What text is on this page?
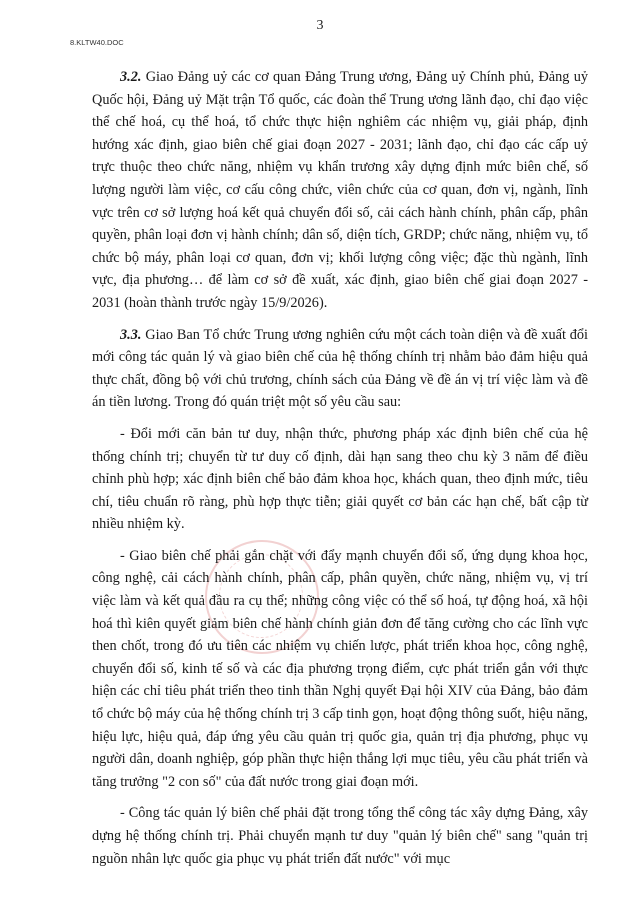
3
8.KLTW40.DOC

3.2. Giao Đảng uỷ các cơ quan Đảng Trung ương, Đảng uỷ Chính phủ, Đảng uỷ Quốc hội, Đảng uỷ Mặt trận Tổ quốc, các đoàn thể Trung ương lãnh đạo, chỉ đạo việc thể chế hoá, cụ thể hoá, tổ chức thực hiện nghiêm các nhiệm vụ, giải pháp, định hướng xác định, giao biên chế giai đoạn 2027 - 2031; lãnh đạo, chỉ đạo các cấp uỷ trực thuộc theo chức năng, nhiệm vụ khẩn trương xây dựng định mức biên chế, số lượng người làm việc, cơ cấu công chức, viên chức của cơ quan, đơn vị, ngành, lĩnh vực trên cơ sở lượng hoá kết quả chuyển đổi số, cải cách hành chính, phân cấp, phân quyền, phân loại đơn vị hành chính; dân số, diện tích, GRDP; chức năng, nhiệm vụ, tổ chức bộ máy, phân loại cơ quan, đơn vị; khối lượng công việc; đặc thù ngành, lĩnh vực, địa phương… để làm cơ sở đề xuất, xác định, giao biên chế giai đoạn 2027 - 2031 (hoàn thành trước ngày 15/9/2026).

3.3. Giao Ban Tổ chức Trung ương nghiên cứu một cách toàn diện và đề xuất đổi mới công tác quản lý và giao biên chế của hệ thống chính trị nhằm bảo đảm hiệu quả thực chất, đồng bộ với chủ trương, chính sách của Đảng về đề án vị trí việc làm và đề án tiền lương. Trong đó quán triệt một số yêu cầu sau:

- Đổi mới căn bản tư duy, nhận thức, phương pháp xác định biên chế của hệ thống chính trị; chuyển từ tư duy cố định, dài hạn sang theo chu kỳ 3 năm để điều chỉnh phù hợp; xác định biên chế bảo đảm khoa học, khách quan, theo định mức, tiêu chí, tiêu chuẩn rõ ràng, phù hợp thực tiễn; giải quyết cơ bản các hạn chế, bất cập từ nhiều nhiệm kỳ.

- Giao biên chế phải gắn chặt với đẩy mạnh chuyển đổi số, ứng dụng khoa học, công nghệ, cải cách hành chính, phân cấp, phân quyền, chức năng, nhiệm vụ, vị trí việc làm và kết quả đầu ra cụ thể; những công việc có thể số hoá, tự động hoá, xã hội hoá thì kiên quyết giảm biên chế hành chính giản đơn để tăng cường cho các lĩnh vực then chốt, trong đó ưu tiên các nhiệm vụ chiến lược, phát triển khoa học, công nghệ, chuyển đổi số, kinh tế số và các địa phương trọng điểm, cực phát triển gắn với thực hiện các chỉ tiêu phát triển theo tinh thần Nghị quyết Đại hội XIV của Đảng, bảo đảm tổ chức bộ máy của hệ thống chính trị 3 cấp tinh gọn, hoạt động thông suốt, hiệu năng, hiệu lực, hiệu quả, đáp ứng yêu cầu quản trị quốc gia, quản trị địa phương, phục vụ người dân, doanh nghiệp, góp phần thực hiện thắng lợi mục tiêu, yêu cầu phát triển và tăng trưởng "2 con số" của đất nước trong giai đoạn mới.

- Công tác quản lý biên chế phải đặt trong tổng thể công tác xây dựng Đảng, xây dựng hệ thống chính trị. Phải chuyển mạnh tư duy "quản lý biên chế" sang "quản trị nguồn nhân lực quốc gia phục vụ phát triển đất nước" với mục
